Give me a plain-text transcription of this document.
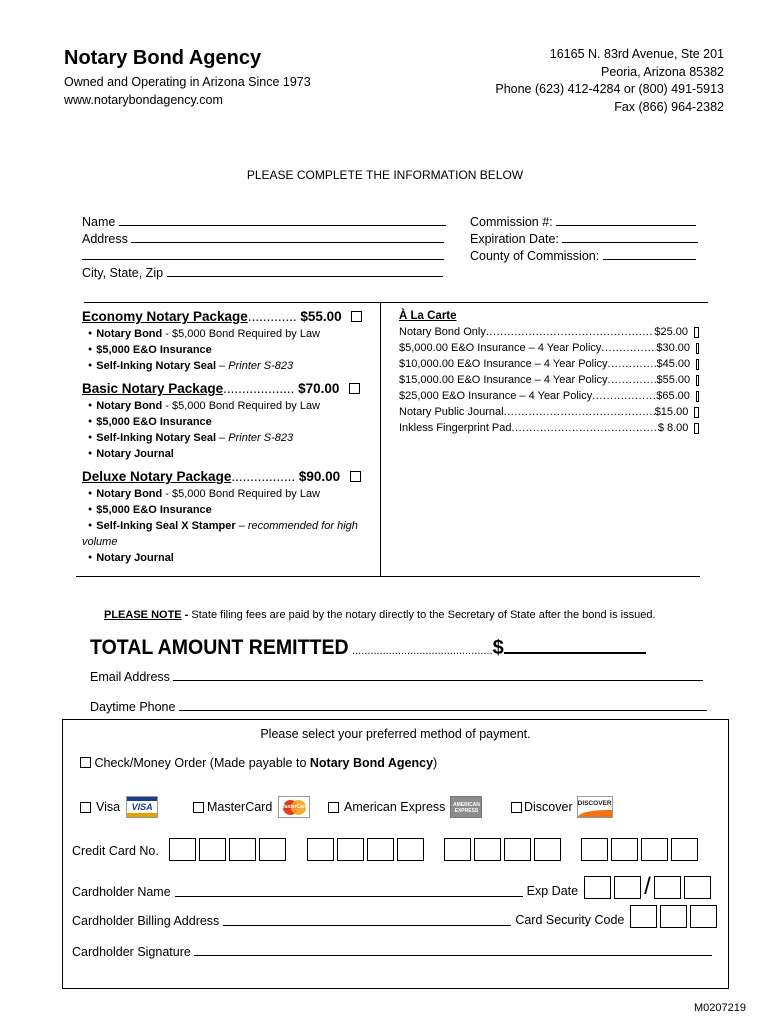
Notary Bond Agency
Owned and Operating in Arizona Since 1973
www.notarybondagency.com
16165 N. 83rd Avenue, Ste 201
Peoria, Arizona 85382
Phone (623) 412-4284 or (800) 491-5913
Fax (866) 964-2382
PLEASE COMPLETE THE INFORMATION BELOW
Name
Address
City, State, Zip
Commission #:
Expiration Date:
County of Commission:
Economy Notary Package............. $55.00
● Notary Bond - $5,000 Bond Required by Law
● $5,000 E&O Insurance
● Self-Inking Notary Seal – Printer S-823
Basic Notary Package................... $70.00
● Notary Bond - $5,000 Bond Required by Law
● $5,000 E&O Insurance
● Self-Inking Notary Seal – Printer S-823
● Notary Journal
Deluxe Notary Package................. $90.00
● Notary Bond - $5,000 Bond Required by Law
● $5,000 E&O Insurance
● Self-Inking Seal X Stamper – recommended for high volume
● Notary Journal
À La Carte
Notary Bond Only .....	$25.00
$5,000.00 E&O Insurance – 4 Year Policy .....	$30.00
$10,000.00 E&O Insurance – 4 Year Policy .....	$45.00
$15,000.00 E&O Insurance – 4 Year Policy .....	$55.00
$25,000 E&O Insurance – 4 Year Policy .....	$65.00
Notary Public Journal .....	$15.00
Inkless Fingerprint Pad .....	$ 8.00
PLEASE NOTE - State filing fees are paid by the notary directly to the Secretary of State after the bond is issued.
TOTAL AMOUNT REMITTED ..............................................$
Email Address
Daytime Phone
Please select your preferred method of payment.
Check/Money Order (Made payable to Notary Bond Agency)
Visa	VISA	MasterCard MasterCard	American Express AMERICAN EXPRESS	Discover DISCOVER
Credit Card No.
Cardholder Name	Exp Date	/
Cardholder Billing Address	Card Security Code
Cardholder Signature
M0207219
